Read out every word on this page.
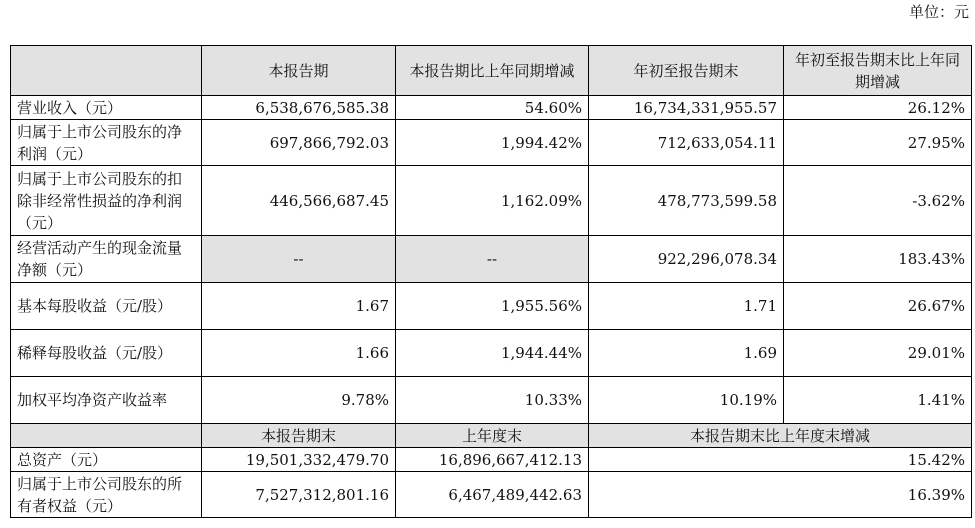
单位：元
	本报告期	本报告期比上年同期增减	年初至报告期末	年初至报告期末比上年同期增减
营业收入（元）	6,538,676,585.38	54.60%	16,734,331,955.57	26.12%
归属于上市公司股东的净利润（元）	697,866,792.03	1,994.42%	712,633,054.11	27.95%
归属于上市公司股东的扣除非经常性损益的净利润（元）	446,566,687.45	1,162.09%	478,773,599.58	-3.62%
经营活动产生的现金流量净额（元）	--	--	922,296,078.34	183.43%
基本每股收益（元/股）	1.67	1,955.56%	1.71	26.67%
稀释每股收益（元/股）	1.66	1,944.44%	1.69	29.01%
加权平均净资产收益率	9.78%	10.33%	10.19%	1.41%
	本报告期末	上年度末	本报告期末比上年度末增减	
总资产（元）	19,501,332,479.70	16,896,667,412.13	15.42%	
归属于上市公司股东的所有者权益（元）	7,527,312,801.16	6,467,489,442.63	16.39%	
